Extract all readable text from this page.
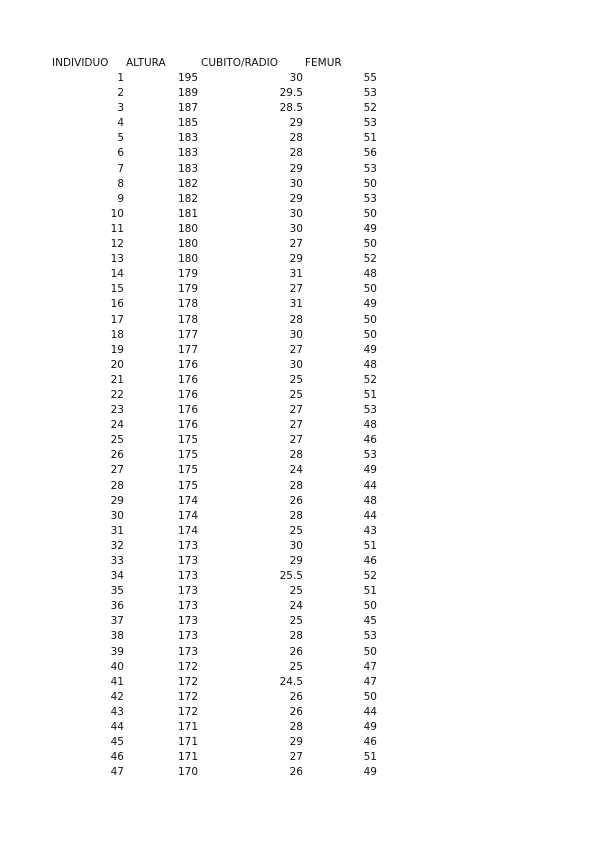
INDIVIDUO ALTURA	CUBITO/RADIO	FEMUR
1	195	30	55
2	189	29.5	53
3	187	28.5	52
4	185	29	53
5	183	28	51
6	183	28	56
7	183	29	53
8	182	30	50
9	182	29	53
10	181	30	50
11	180	30	49
12	180	27	50
13	180	29	52
14	179	31	48
15	179	27	50
16	178	31	49
17	178	28	50
18	177	30	50
19	177	27	49
20	176	30	48
21	176	25	52
22	176	25	51
23	176	27	53
24	176	27	48
25	175	27	46
26	175	28	53
27	175	24	49
28	175	28	44
29	174	26	48
30	174	28	44
31	174	25	43
32	173	30	51
33	173	29	46
34	173	25.5	52
35	173	25	51
36	173	24	50
37	173	25	45
38	173	28	53
39	173	26	50
40	172	25	47
41	172	24.5	47
42	172	26	50
43	172	26	44
44	171	28	49
45	171	29	46
46	171	27	51
47	170	26	49
